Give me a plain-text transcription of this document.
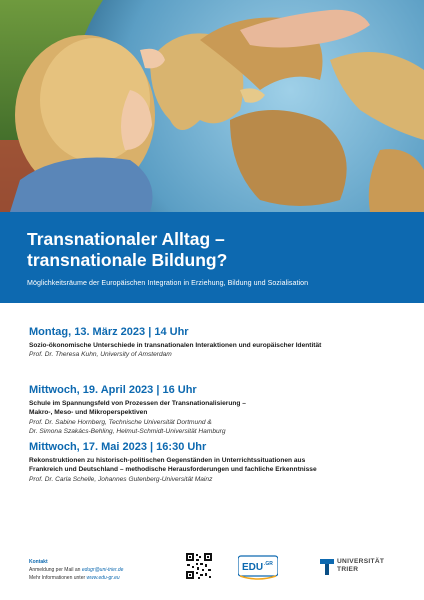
Transnationaler Alltag –
transnationale Bildung?
Möglichkeitsräume der Europäischen Integration in Erziehung, Bildung und Sozialisation
Montag, 13. März 2023 | 14 Uhr
Sozio-ökonomische Unterschiede in transnationalen Interaktionen und europäischer Identität
Prof. Dr. Theresa Kuhn, University of Amsterdam
Mittwoch, 19. April 2023 | 16 Uhr
Schule im Spannungsfeld von Prozessen der Transnationalisierung –
Makro-, Meso- und Mikroperspektiven
Prof. Dr. Sabine Hornberg, Technische Universität Dortmund &
Dr. Simona Szakács-Behling, Helmut-Schmidt-Universität Hamburg
Mittwoch, 17. Mai 2023 | 16:30 Uhr
Rekonstruktionen zu historisch-politischen Gegenständen in Unterrichtssituationen aus
Frankreich und Deutschland – methodische Herausforderungen und fachliche Erkenntnisse
Prof. Dr. Carla Schelle, Johannes Gutenberg-Universität Mainz
Kontakt
Anmeldung per Mail an edugr@uni-trier.de
Mehr Informationen unter www.edu-gr.eu
EDU .GR	UNIVERSITÄT
TRIER
